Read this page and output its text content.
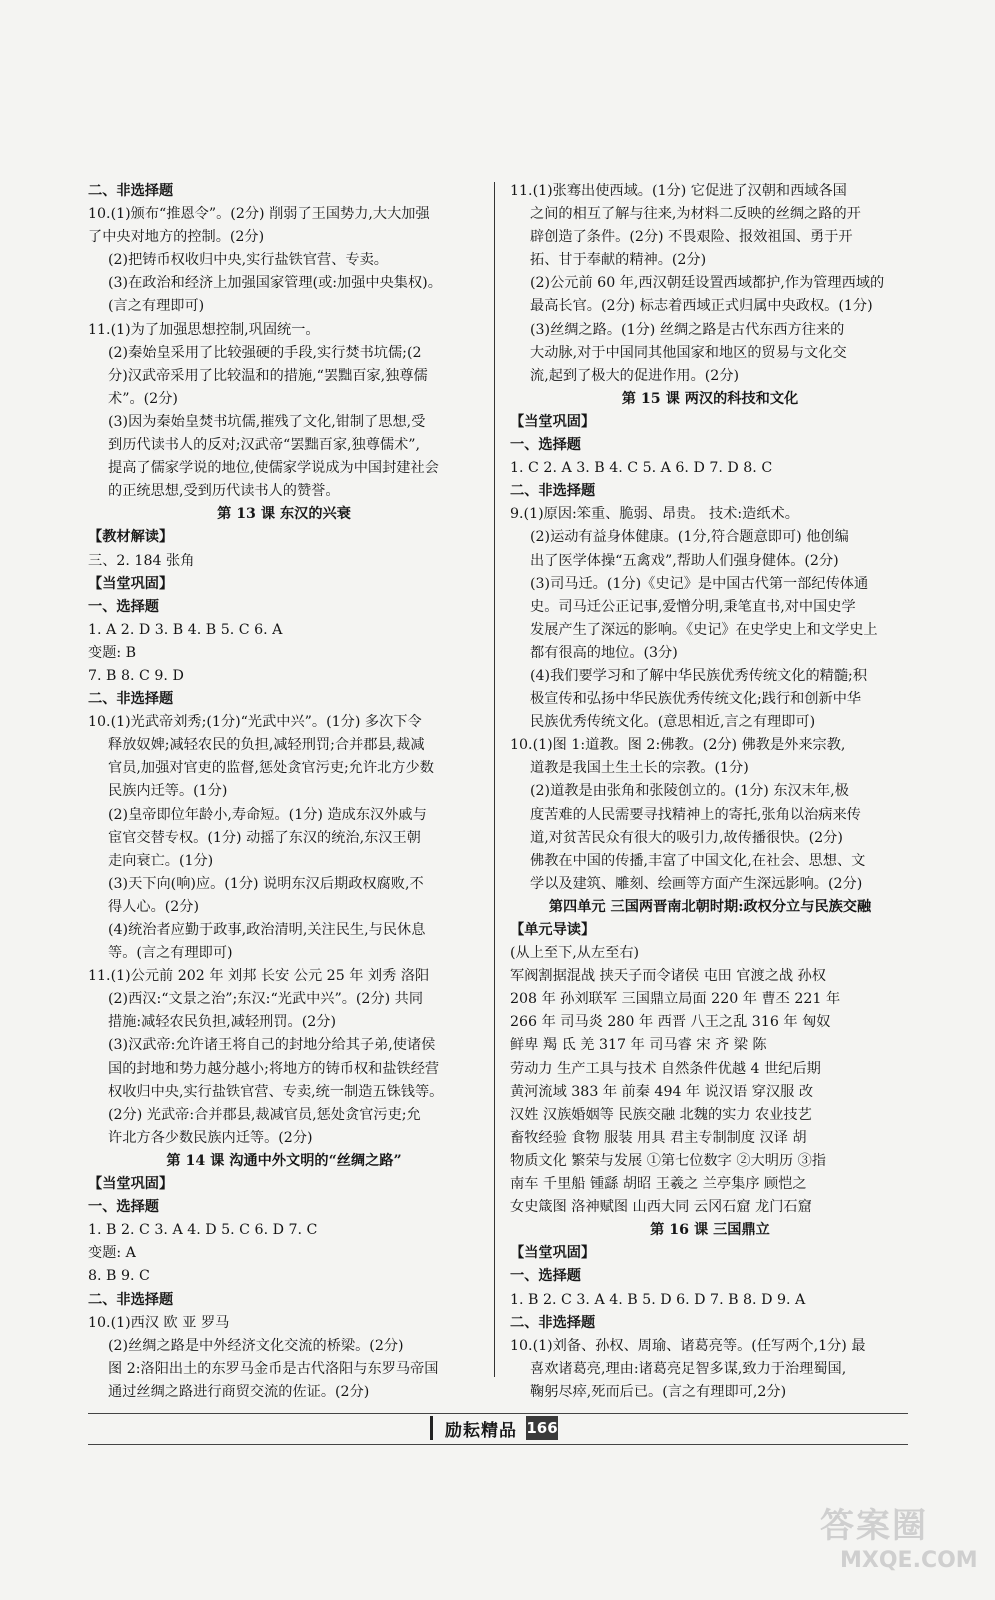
二、非选择题
10.(1)颁布“推恩令”。(2分) 削弱了王国势力,大大加强
了中央对地方的控制。(2分)
(2)把铸币权收归中央,实行盐铁官营、专卖。
(3)在政治和经济上加强国家管理(或:加强中央集权)。
(言之有理即可)
11.(1)为了加强思想控制,巩固统一。
(2)秦始皇采用了比较强硬的手段,实行焚书坑儒;(2
分)汉武帝采用了比较温和的措施,“罢黜百家,独尊儒
术”。(2分)
(3)因为秦始皇焚书坑儒,摧残了文化,钳制了思想,受
到历代读书人的反对;汉武帝“罢黜百家,独尊儒术”,
提高了儒家学说的地位,使儒家学说成为中国封建社会
的正统思想,受到历代读书人的赞誉。
第 13 课 东汉的兴衰
【教材解读】
三、2. 184 张角
【当堂巩固】
一、选择题
1. A 2. D 3. B 4. B 5. C 6. A
变题: B
7. B 8. C 9. D
二、非选择题
10.(1)光武帝刘秀;(1分)“光武中兴”。(1分) 多次下令
释放奴婢;减轻农民的负担,减轻刑罚;合并郡县,裁减
官员,加强对官吏的监督,惩处贪官污吏;允许北方少数
民族内迁等。(1分)
(2)皇帝即位年龄小,寿命短。(1分) 造成东汉外戚与
宦官交替专权。(1分) 动摇了东汉的统治,东汉王朝
走向衰亡。(1分)
(3)天下向(响)应。(1分) 说明东汉后期政权腐败,不
得人心。(2分)
(4)统治者应勤于政事,政治清明,关注民生,与民休息
等。(言之有理即可)
11.(1)公元前 202 年 刘邦 长安 公元 25 年 刘秀 洛阳
(2)西汉:“文景之治”;东汉:“光武中兴”。(2分) 共同
措施:减轻农民负担,减轻刑罚。(2分)
(3)汉武帝:允许诸王将自己的封地分给其子弟,使诸侯
国的封地和势力越分越小;将地方的铸币权和盐铁经营
权收归中央,实行盐铁官营、专卖,统一制造五铢钱等。
(2分) 光武帝:合并郡县,裁减官员,惩处贪官污吏;允
许北方各少数民族内迁等。(2分)
第 14 课 沟通中外文明的“丝绸之路”
【当堂巩固】
一、选择题
1. B 2. C 3. A 4. D 5. C 6. D 7. C
变题: A
8. B 9. C
二、非选择题
10.(1)西汉 欧 亚 罗马
(2)丝绸之路是中外经济文化交流的桥梁。(2分)
图 2:洛阳出土的东罗马金币是古代洛阳与东罗马帝国
通过丝绸之路进行商贸交流的佐证。(2分)
11.(1)张骞出使西域。(1分) 它促进了汉朝和西域各国
之间的相互了解与往来,为材料二反映的丝绸之路的开
辟创造了条件。(2分) 不畏艰险、报效祖国、勇于开
拓、甘于奉献的精神。(2分)
(2)公元前 60 年,西汉朝廷设置西域都护,作为管理西域的
最高长官。(2分) 标志着西域正式归属中央政权。(1分)
(3)丝绸之路。(1分) 丝绸之路是古代东西方往来的
大动脉,对于中国同其他国家和地区的贸易与文化交
流,起到了极大的促进作用。(2分)
第 15 课 两汉的科技和文化
【当堂巩固】
一、选择题
1. C 2. A 3. B 4. C 5. A 6. D 7. D 8. C
二、非选择题
9.(1)原因:笨重、脆弱、昂贵。 技术:造纸术。
(2)运动有益身体健康。(1分,符合题意即可) 他创编
出了医学体操“五禽戏”,帮助人们强身健体。(2分)
(3)司马迁。(1分)《史记》是中国古代第一部纪传体通
史。司马迁公正记事,爱憎分明,秉笔直书,对中国史学
发展产生了深远的影响。《史记》在史学史上和文学史上
都有很高的地位。(3分)
(4)我们要学习和了解中华民族优秀传统文化的精髓;积
极宣传和弘扬中华民族优秀传统文化;践行和创新中华
民族优秀传统文化。(意思相近,言之有理即可)
10.(1)图 1:道教。图 2:佛教。(2分) 佛教是外来宗教,
道教是我国土生土长的宗教。(1分)
(2)道教是由张角和张陵创立的。(1分) 东汉末年,极
度苦难的人民需要寻找精神上的寄托,张角以治病来传
道,对贫苦民众有很大的吸引力,故传播很快。(2分)
佛教在中国的传播,丰富了中国文化,在社会、思想、文
学以及建筑、雕刻、绘画等方面产生深远影响。(2分)
第四单元 三国两晋南北朝时期:政权分立与民族交融
【单元导读】
(从上至下,从左至右)
军阀割据混战 挟天子而令诸侯 屯田 官渡之战 孙权
208 年 孙刘联军 三国鼎立局面 220 年 曹丕 221 年
266 年 司马炎 280 年 西晋 八王之乱 316 年 匈奴
鲜卑 羯 氐 羌 317 年 司马睿 宋 齐 梁 陈
劳动力 生产工具与技术 自然条件优越 4 世纪后期
黄河流域 383 年 前秦 494 年 说汉语 穿汉服 改
汉姓 汉族婚姻等 民族交融 北魏的实力 农业技艺
畜牧经验 食物 服装 用具 君主专制制度 汉译 胡
物质文化 繁荣与发展 ①第七位数字 ②大明历 ③指
南车 千里船 锺繇 胡昭 王羲之 兰亭集序 顾恺之
女史箴图 洛神赋图 山西大同 云冈石窟 龙门石窟
第 16 课 三国鼎立
【当堂巩固】
一、选择题
1. B 2. C 3. A 4. B 5. D 6. D 7. B 8. D 9. A
二、非选择题
10.(1)刘备、孙权、周瑜、诸葛亮等。(任写两个,1分) 最
喜欢诸葛亮,理由:诸葛亮足智多谋,致力于治理蜀国,
鞠躬尽瘁,死而后已。(言之有理即可,2分)
励耘精品 166
答案圈
MXQE.COM
